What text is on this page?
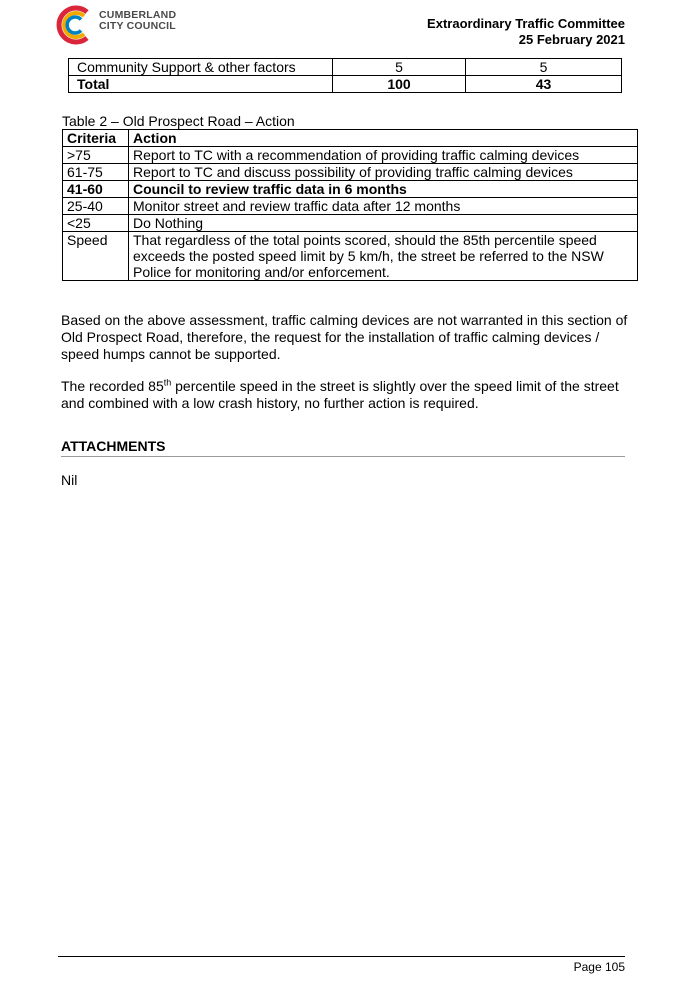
CUMBERLAND
CITY COUNCIL	Extraordinary Traffic Committee
25 February 2021
Community Support & other factors	5	5
Total	100	43
Table 2 – Old Prospect Road – Action
Criteria	Action
>75	Report to TC with a recommendation of providing traffic calming devices
61-75	Report to TC and discuss possibility of providing traffic calming devices
41-60	Council to review traffic data in 6 months
25-40	Monitor street and review traffic data after 12 months
<25	Do Nothing
Speed	That regardless of the total points scored, should the 85th percentile speed exceeds the posted speed limit by 5 km/h, the street be referred to the NSW Police for monitoring and/or enforcement.
Based on the above assessment, traffic calming devices are not warranted in this section of Old Prospect Road, therefore, the request for the installation of traffic calming devices / speed humps cannot be supported.
The recorded 85th percentile speed in the street is slightly over the speed limit of the street and combined with a low crash history, no further action is required.
ATTACHMENTS
Nil
Page 105
